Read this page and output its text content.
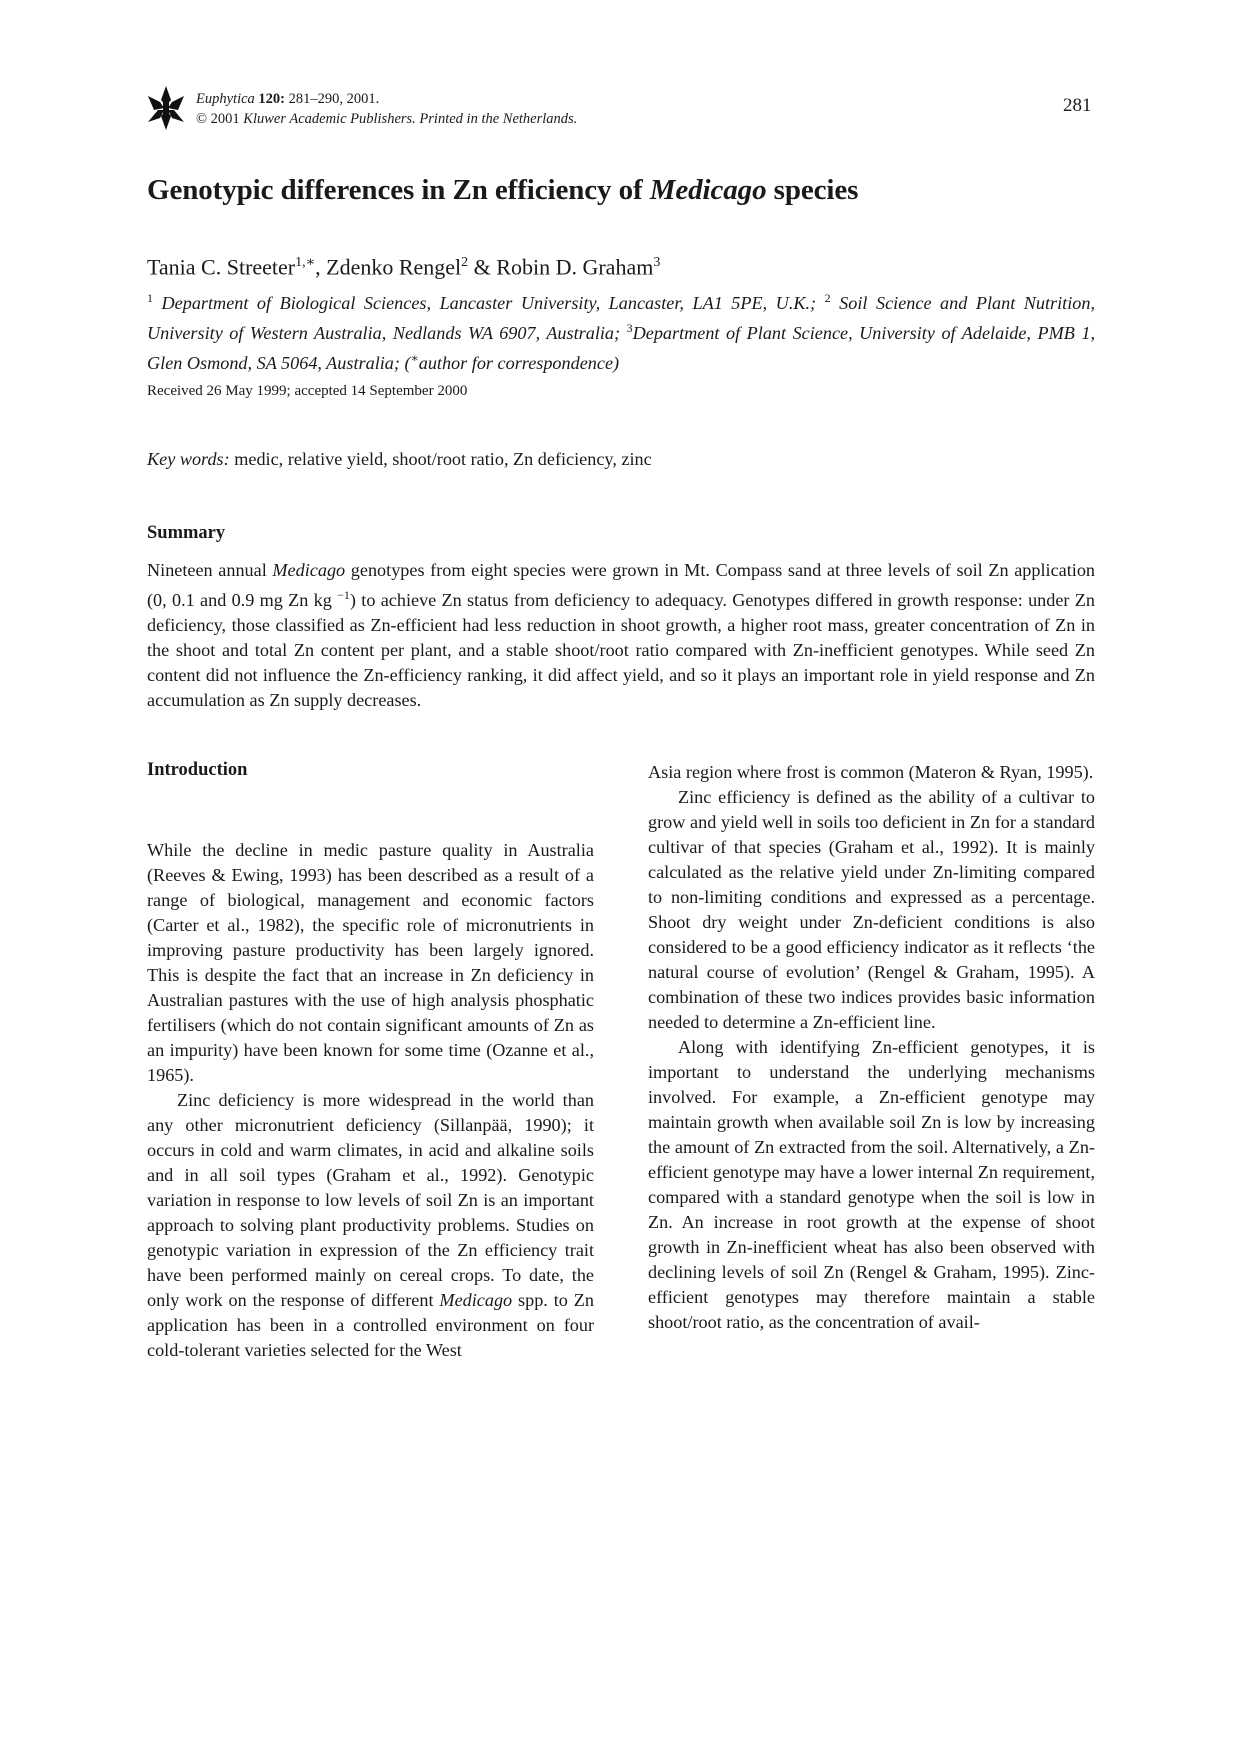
Euphytica 120: 281–290, 2001.
© 2001 Kluwer Academic Publishers. Printed in the Netherlands.
281
Genotypic differences in Zn efficiency of Medicago species
Tania C. Streeter$^{1,∗}$, Zdenko Rengel$^2$ & Robin D. Graham$^3$
$^1$ Department of Biological Sciences, Lancaster University, Lancaster, LA1 5PE, U.K.; $^2$ Soil Science and Plant Nutrition, University of Western Australia, Nedlands WA 6907, Australia; $^3$Department of Plant Science, University of Adelaide, PMB 1, Glen Osmond, SA 5064, Australia; (∗author for correspondence)
Received 26 May 1999; accepted 14 September 2000
Key words: medic, relative yield, shoot/root ratio, Zn deficiency, zinc
Summary

Nineteen annual Medicago genotypes from eight species were grown in Mt. Compass sand at three levels of soil Zn application (0, 0.1 and 0.9 mg Zn kg $^{-1}$) to achieve Zn status from deficiency to adequacy. Genotypes differed in growth response: under Zn deficiency, those classified as Zn-efficient had less reduction in shoot growth, a higher root mass, greater concentration of Zn in the shoot and total Zn content per plant, and a stable shoot/root ratio compared with Zn-inefficient genotypes. While seed Zn content did not influence the Zn-efficiency ranking, it did affect yield, and so it plays an important role in yield response and Zn accumulation as Zn supply decreases.

Introduction

While the decline in medic pasture quality in Australia (Reeves & Ewing, 1993) has been described as a result of a range of biological, management and economic factors (Carter et al., 1982), the specific role of micronutrients in improving pasture productivity has been largely ignored. This is despite the fact that an increase in Zn deficiency in Australian pastures with the use of high analysis phosphatic fertilisers (which do not contain significant amounts of Zn as an impurity) have been known for some time (Ozanne et al., 1965).

Zinc deficiency is more widespread in the world than any other micronutrient deficiency (Sillanpää, 1990); it occurs in cold and warm climates, in acid and alkaline soils and in all soil types (Graham et al., 1992). Genotypic variation in response to low levels of soil Zn is an important approach to solving plant productivity problems. Studies on genotypic variation in expression of the Zn efficiency trait have been performed mainly on cereal crops. To date, the only work on the response of different Medicago spp. to Zn application has been in a controlled environment on four cold-tolerant varieties selected for the West

Asia region where frost is common (Materon & Ryan, 1995).

Zinc efficiency is defined as the ability of a cultivar to grow and yield well in soils too deficient in Zn for a standard cultivar of that species (Graham et al., 1992). It is mainly calculated as the relative yield under Zn-limiting compared to non-limiting conditions and expressed as a percentage. Shoot dry weight under Zn-deficient conditions is also considered to be a good efficiency indicator as it reflects ‘the natural course of evolution’ (Rengel & Graham, 1995). A combination of these two indices provides basic information needed to determine a Zn-efficient line.

Along with identifying Zn-efficient genotypes, it is important to understand the underlying mechanisms involved. For example, a Zn-efficient genotype may maintain growth when available soil Zn is low by increasing the amount of Zn extracted from the soil. Alternatively, a Zn-efficient genotype may have a lower internal Zn requirement, compared with a standard genotype when the soil is low in Zn. An increase in root growth at the expense of shoot growth in Zn-inefficient wheat has also been observed with declining levels of soil Zn (Rengel & Graham, 1995). Zinc-efficient genotypes may therefore maintain a stable shoot/root ratio, as the concentration of avail-
